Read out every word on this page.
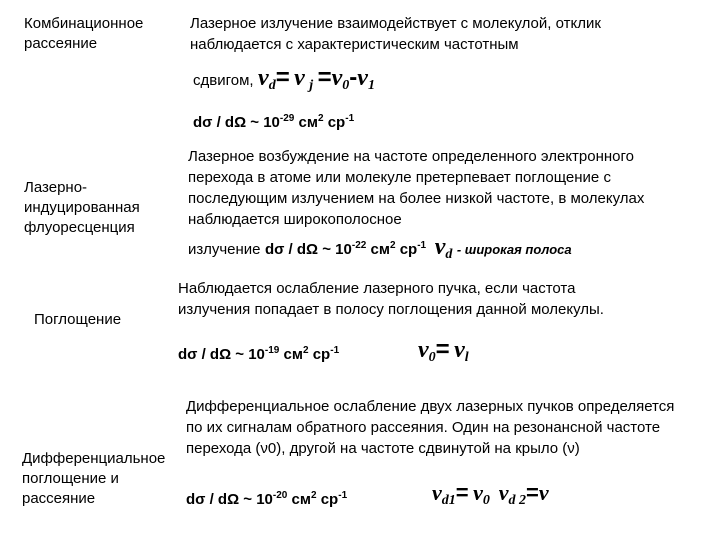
Комбинационное рассеяние
Лазерное излучение взаимодействует с молекулой, отклик наблюдается с характеристическим частотным
сдвигом, $\nu_d= \nu$ $_j =\nu_0-\nu_1$
dσ / dΩ ~ $10^{-29}$ $см^2$ $ср^{-1}$
Лазерно-индуцированная флуоресценция
Лазерное возбуждение на частоте определенного электронного перехода в атоме или молекуле претерпевает поглощение с последующим излучением на более низкой частоте, в молекулах наблюдается широкополосное
излучение dσ / dΩ ~ $10^{-22}$ $см^2$ $ср^{-1}$ $\nu_d$ - широкая полоса
Поглощение
Наблюдается ослабление лазерного пучка, если частота излучения попадает в полосу поглощения данной молекулы.
dσ / dΩ ~ $10^{-19}$ $см^2$ $ср^{-1}$	$\nu_0= \nu_l$
Дифференциальное поглощение и рассеяние
Дифференциальное ослабление двух лазерных пучков определяется по их сигналам обратного рассеяния. Один на резонансной частоте перехода (ν0), другой на частоте сдвинутой на крыло (ν)
dσ / dΩ ~ $10^{-20}$ $см^2$ $ср^{-1}$	$\nu_{d1}= \nu_0$ $\nu_{d 2}=\nu$
